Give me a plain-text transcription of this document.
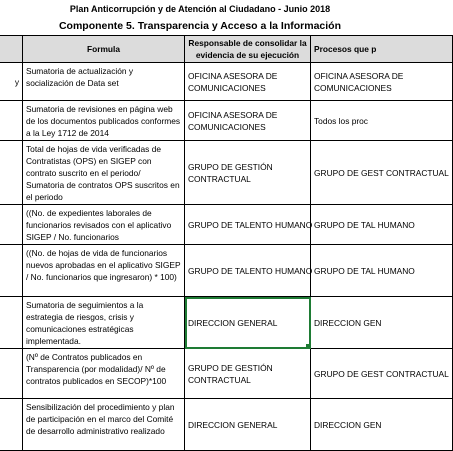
Plan Anticorrupción y de Atención al Ciudadano - Junio 2018
Componente 5. Transparencia y Acceso a la Información
	Formula	Responsable de consolidar la evidencia de su ejecución	Procesos que p
y	Sumatoria de actualización y socialización de Data set	OFICINA ASESORA DE COMUNICACIONES	OFICINA ASESORA DE COMUNICACIONES
	Sumatoria de revisiones en página web de los documentos publicados conformes a la Ley 1712 de 2014	OFICINA ASESORA DE COMUNICACIONES	Todos los proc
	Total de hojas de vida verificadas de Contratistas (OPS) en SIGEP con contrato suscrito en el periodo/ Sumatoria de contratos OPS suscritos en el periodo	GRUPO DE GESTIÓN CONTRACTUAL	GRUPO DE GEST CONTRACTUAL
	((No. de expedientes laborales de funcionarios revisados con el aplicativo SIGEP / No. funcionarios	GRUPO DE TALENTO HUMANO	GRUPO DE TAL HUMANO
	((No. de hojas de vida de funcionarios nuevos aprobadas en el aplicativo SIGEP / No. funcionarios que ingresaron) * 100)	GRUPO DE TALENTO HUMANO	GRUPO DE TAL HUMANO
	Sumatoria de seguimientos a la estrategia de riesgos, crisis y comunicaciones estratégicas implementada.	DIRECCION GENERAL	DIRECCION GEN
	(Nº de Contratos publicados en Transparencia (por modalidad)/ Nº de contratos publicados en SECOP)*100	GRUPO DE GESTIÓN CONTRACTUAL	GRUPO DE GEST CONTRACTUAL
	Sensibilización del procedimiento y plan de participación en el marco del Comité de desarrollo administrativo realizado	DIRECCION GENERAL	DIRECCION GEN
